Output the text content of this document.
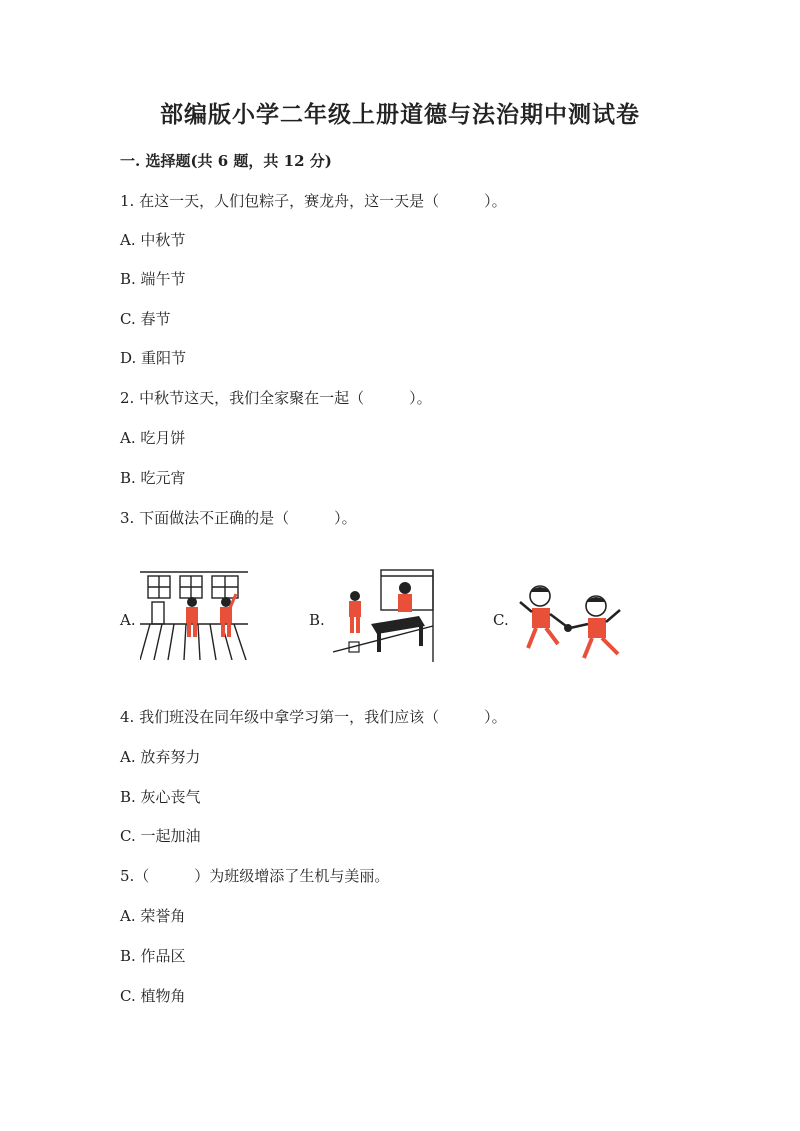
部编版小学二年级上册道德与法治期中测试卷
一. 选择题(共 6 题，共 12 分)
1. 在这一天，人们包粽子，赛龙舟，这一天是（　　　）。
A. 中秋节
B. 端午节
C. 春节
D. 重阳节
2. 中秋节这天，我们全家聚在一起（　　　）。
A. 吃月饼
B. 吃元宵
3. 下面做法不正确的是（　　　）。
A.	B.	C.
4. 我们班没在同年级中拿学习第一，我们应该（　　　）。
A. 放弃努力
B. 灰心丧气
C. 一起加油
5.（　　　）为班级增添了生机与美丽。
A. 荣誉角
B. 作品区
C. 植物角
